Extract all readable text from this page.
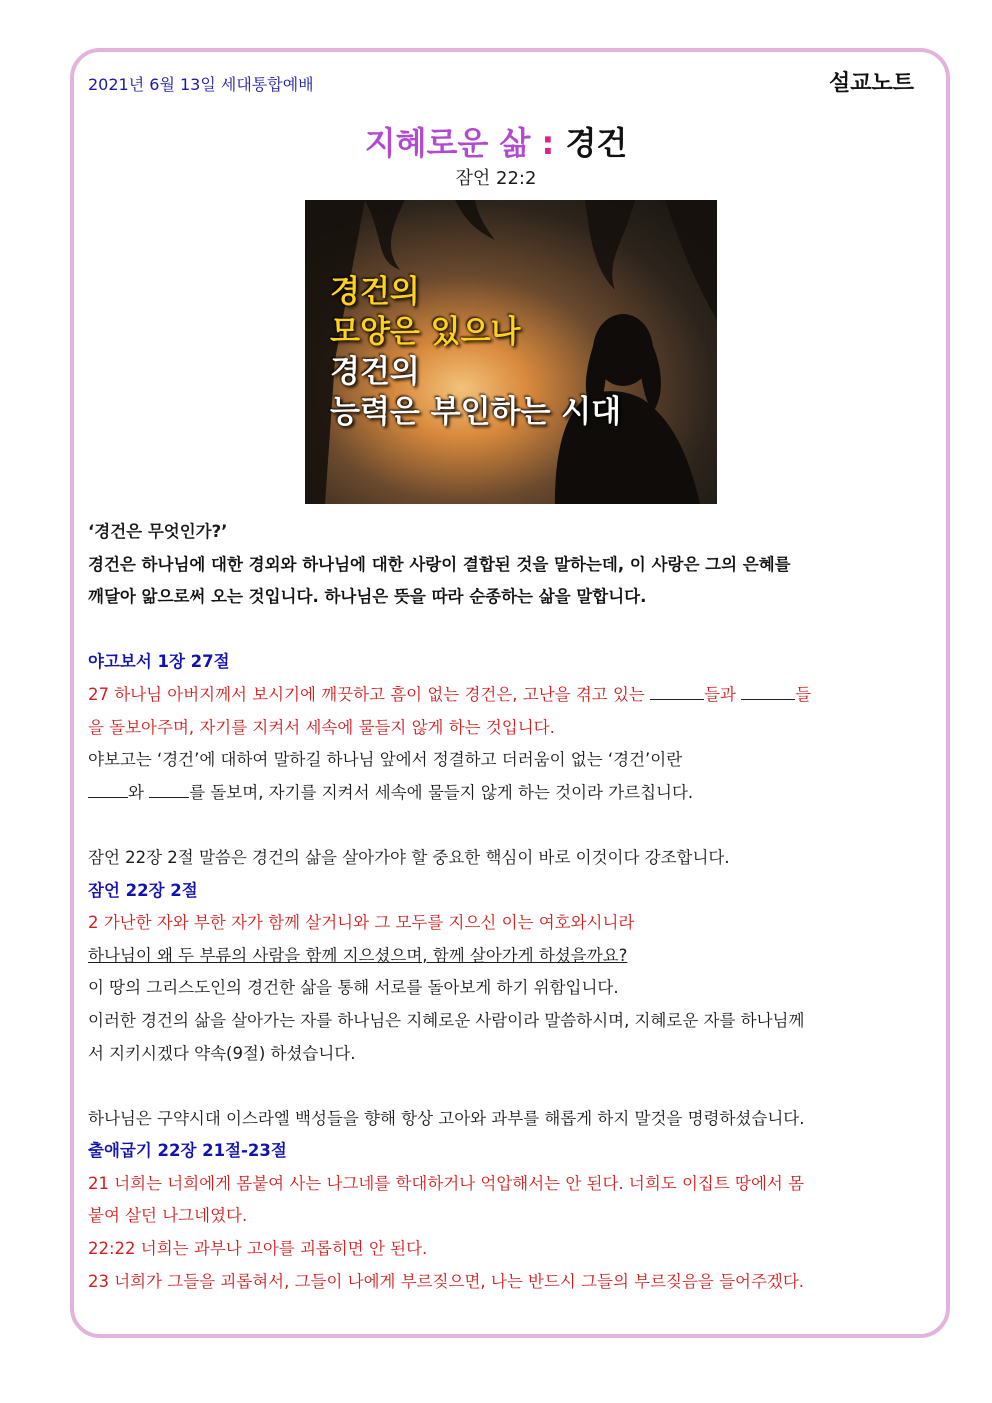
2021년 6월 13일 세대통합예배	설교노트
지혜로운 삶 : 경건
잠언 22:2
경건의
모양은 있으나
경건의
능력은 부인하는 시대

‘경건은 무엇인가?’

경건은 하나님에 대한 경외와 하나님에 대한 사랑이 결합된 것을 말하는데, 이 사랑은 그의 은혜를

깨달아 앎으로써 오는 것입니다. 하나님은 뜻을 따라 순종하는 삶을 말합니다.

야고보서 1장 27절

27 하나님 아버지께서 보시기에 깨끗하고 흠이 없는 경건은, 고난을 겪고 있는	들과	들

을 돌보아주며, 자기를 지켜서 세속에 물들지 않게 하는 것입니다.

야보고는 ‘경건’에 대하여 말하길 하나님 앞에서 정결하고 더러움이 없는 ‘경건’이란

와 를 돌보며, 자기를 지켜서 세속에 물들지 않게 하는 것이라 가르칩니다.

잠언 22장 2절 말씀은 경건의 삶을 살아가야 할 중요한 핵심이 바로 이것이다 강조합니다.

잠언 22장 2절

2 가난한 자와 부한 자가 함께 살거니와 그 모두를 지으신 이는 여호와시니라

하나님이 왜 두 부류의 사람을 함께 지으셨으며, 함께 살아가게 하셨을까요?

이 땅의 그리스도인의 경건한 삶을 통해 서로를 돌아보게 하기 위함입니다.

이러한 경건의 삶을 살아가는 자를 하나님은 지혜로운 사람이라 말씀하시며, 지혜로운 자를 하나님께

서 지키시겠다 약속(9절) 하셨습니다.

하나님은 구약시대 이스라엘 백성들을 향해 항상 고아와 과부를 해롭게 하지 말것을 명령하셨습니다.

출애굽기 22장 21절-23절

21 너희는 너희에게 몸붙여 사는 나그네를 학대하거나 억압해서는 안 된다. 너희도 이집트 땅에서 몸

붙여 살던 나그네였다.

22:22 너희는 과부나 고아를 괴롭히면 안 된다.

23 너희가 그들을 괴롭혀서, 그들이 나에게 부르짖으면, 나는 반드시 그들의 부르짖음을 들어주겠다.
